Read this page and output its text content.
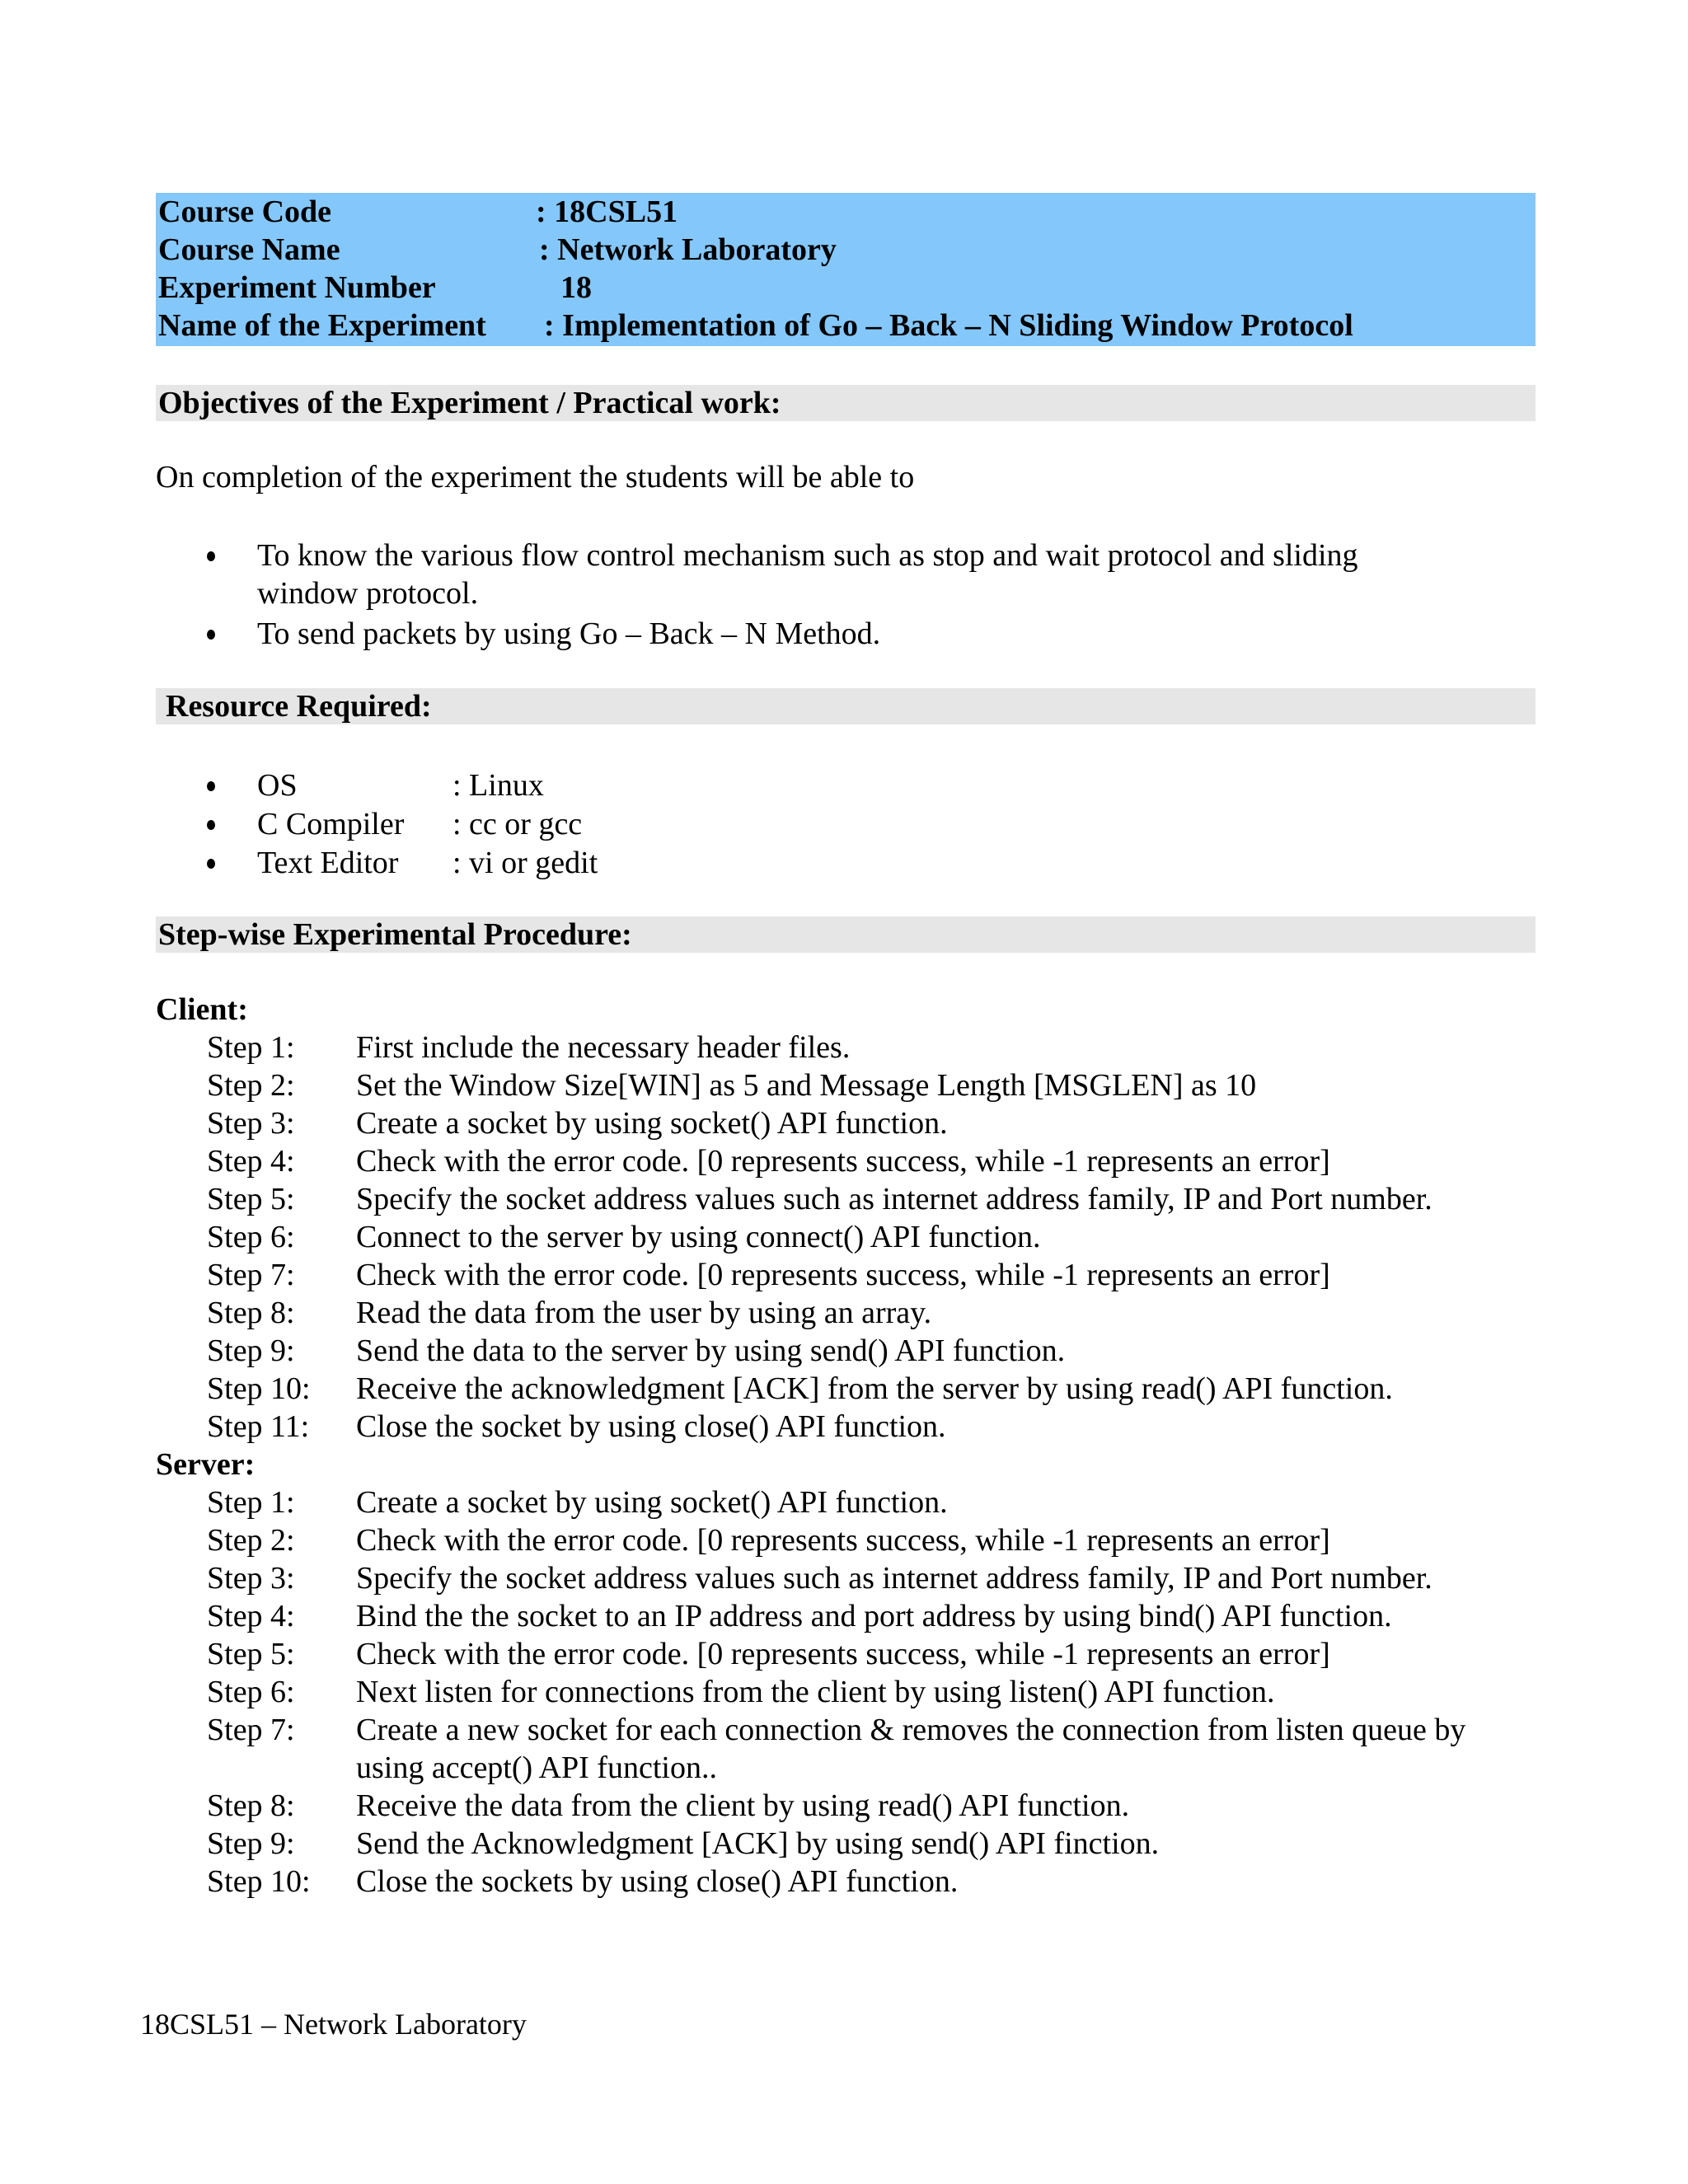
Course Code	: 18CSL51
Course Name	: Network Laboratory
Experiment Number	18
Name of the Experiment : Implementation of Go – Back – N Sliding Window Protocol
Objectives of the Experiment / Practical work:
On completion of the experiment the students will be able to
To know the various flow control mechanism such as stop and wait protocol and sliding
window protocol.
To send packets by using Go – Back – N Method.
Resource Required:
OS	: Linux
C Compiler : cc or gcc
Text Editor : vi or gedit
Step-wise Experimental Procedure:
Client:
Step 1: First include the necessary header files.
Step 2: Set the Window Size[WIN] as 5 and Message Length [MSGLEN] as 10
Step 3: Create a socket by using socket() API function.
Step 4: Check with the error code. [0 represents success, while -1 represents an error]
Step 5: Specify the socket address values such as internet address family, IP and Port number.
Step 6: Connect to the server by using connect() API function.
Step 7: Check with the error code. [0 represents success, while -1 represents an error]
Step 8: Read the data from the user by using an array.
Step 9: Send the data to the server by using send() API function.
Step 10: Receive the acknowledgment [ACK] from the server by using read() API function.
Step 11: Close the socket by using close() API function.
Server:
Step 1: Create a socket by using socket() API function.
Step 2: Check with the error code. [0 represents success, while -1 represents an error]
Step 3: Specify the socket address values such as internet address family, IP and Port number.
Step 4: Bind the the socket to an IP address and port address by using bind() API function.
Step 5: Check with the error code. [0 represents success, while -1 represents an error]
Step 6: Next listen for connections from the client by using listen() API function.
Step 7: Create a new socket for each connection & removes the connection from listen queue by
using accept() API function..
Step 8: Receive the data from the client by using read() API function.
Step 9: Send the Acknowledgment [ACK] by using send() API finction.
Step 10: Close the sockets by using close() API function.
18CSL51 – Network Laboratory
